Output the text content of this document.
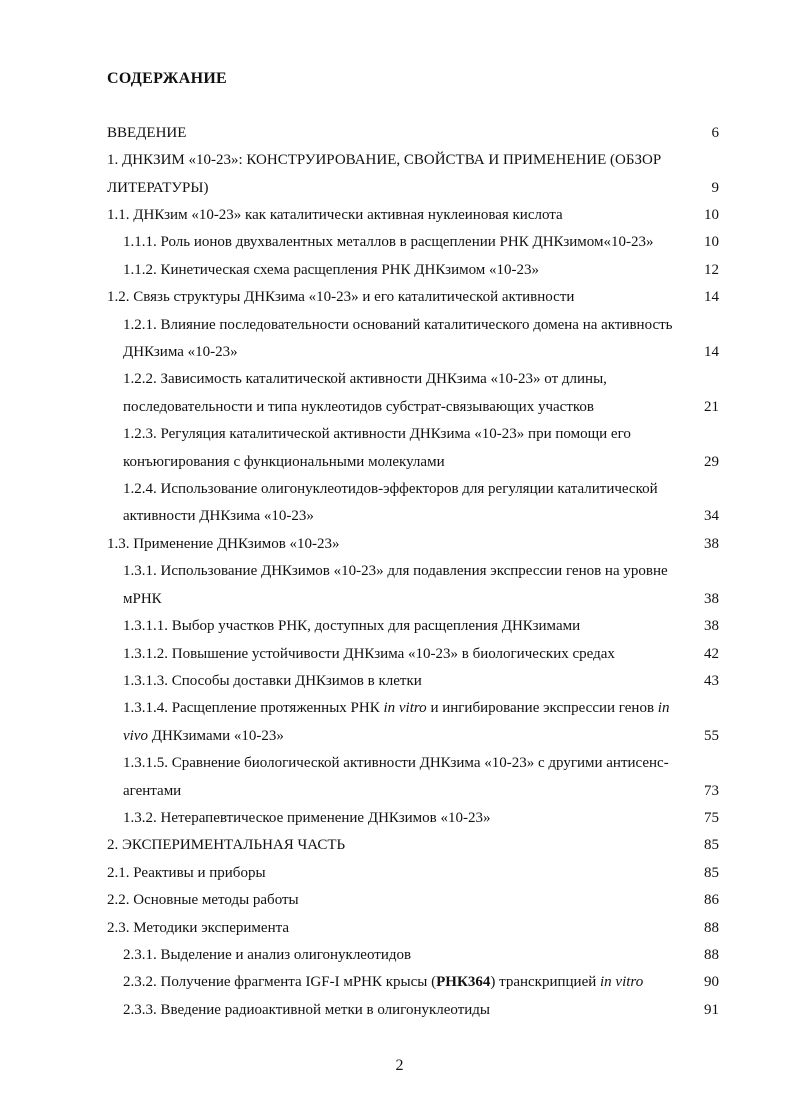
СОДЕРЖАНИЕ
ВВЕДЕНИЕ	6
1. ДНКЗИМ «10-23»: КОНСТРУИРОВАНИЕ, СВОЙСТВА И ПРИМЕНЕНИЕ (ОБЗОР
ЛИТЕРАТУРЫ)	9
1.1. ДНКзим «10-23» как каталитически активная нуклеиновая кислота	10
1.1.1. Роль ионов двухвалентных металлов в расщеплении РНК ДНКзимом«10-23»	10
1.1.2. Кинетическая схема расщепления РНК ДНКзимом «10-23»	12
1.2. Связь структуры ДНКзима «10-23» и его каталитической активности	14
1.2.1. Влияние последовательности оснований каталитического домена на активность
ДНКзима «10-23»	14
1.2.2. Зависимость каталитической активности ДНКзима «10-23» от длины,
последовательности и типа нуклеотидов субстрат-связывающих участков	21
1.2.3. Регуляция каталитической активности ДНКзима «10-23» при помощи его
конъюгирования с функциональными молекулами	29
1.2.4. Использование олигонуклеотидов-эффекторов для регуляции каталитической
активности ДНКзима «10-23»	34
1.3. Применение ДНКзимов «10-23»	38
1.3.1. Использование ДНКзимов «10-23» для подавления экспрессии генов на уровне
мРНК	38
1.3.1.1. Выбор участков РНК, доступных для расщепления ДНКзимами	38
1.3.1.2. Повышение устойчивости ДНКзима «10-23» в биологических средах	42
1.3.1.3. Способы доставки ДНКзимов в клетки	43
1.3.1.4. Расщепление протяженных РНК in vitro и ингибирование экспрессии генов in
vivo ДНКзимами «10-23»	55
1.3.1.5. Сравнение биологической активности ДНКзима «10-23» с другими антисенс-
агентами	73
1.3.2. Нетерапевтическое применение ДНКзимов «10-23»	75
2. ЭКСПЕРИМЕНТАЛЬНАЯ ЧАСТЬ	85
2.1. Реактивы и приборы	85
2.2. Основные методы работы	86
2.3. Методики эксперимента	88
2.3.1. Выделение и анализ олигонуклеотидов	88
2.3.2. Получение фрагмента IGF-I мРНК крысы (РНК364) транскрипцией in vitro	90
2.3.3. Введение радиоактивной метки в олигонуклеотиды	91
2
